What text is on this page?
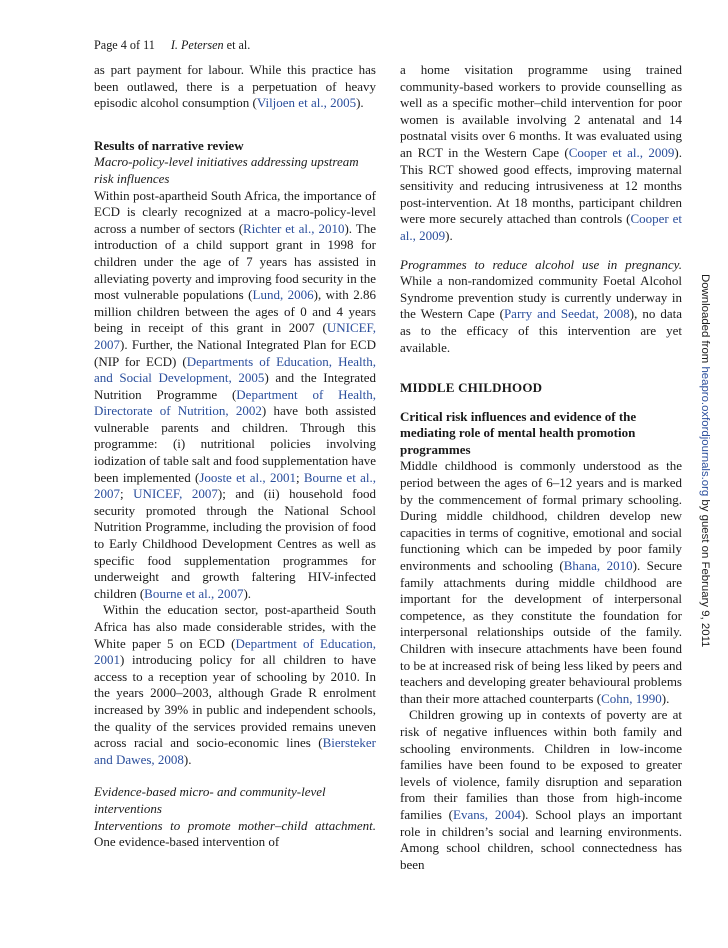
Page 4 of 11 I. Petersen et al.

as part payment for labour. While this practice has been outlawed, there is a perpetuation of heavy episodic alcohol consumption (Viljoen et al., 2005).

Results of narrative review
Macro-policy-level initiatives addressing upstream risk influences

Within post-apartheid South Africa, the importance of ECD is clearly recognized at a macro-policy-level across a number of sectors (Richter et al., 2010). The introduction of a child support grant in 1998 for children under the age of 7 years has assisted in alleviating poverty and improving food security in the most vulnerable populations (Lund, 2006), with 2.86 million children between the ages of 0 and 4 years being in receipt of this grant in 2007 (UNICEF, 2007). Further, the National Integrated Plan for ECD (NIP for ECD) (Departments of Education, Health, and Social Development, 2005) and the Integrated Nutrition Programme (Department of Health, Directorate of Nutrition, 2002) have both assisted vulnerable parents and children. Through this programme: (i) nutritional policies involving iodization of table salt and food supplementation have been implemented (Jooste et al., 2001; Bourne et al., 2007; UNICEF, 2007); and (ii) household food security promoted through the National School Nutrition Programme, including the provision of food to Early Childhood Development Centres as well as specific food supplementation programmes for underweight and growth faltering HIV-infected children (Bourne et al., 2007).

Within the education sector, post-apartheid South Africa has also made considerable strides, with the White paper 5 on ECD (Department of Education, 2001) introducing policy for all children to have access to a reception year of schooling by 2010. In the years 2000–2003, although Grade R enrolment increased by 39% in public and independent schools, the quality of the services provided remains uneven across racial and socio-economic lines (Biersteker and Dawes, 2008).

Evidence-based micro- and community-level interventions

Interventions to promote mother–child attachment. One evidence-based intervention of

a home visitation programme using trained community-based workers to provide counselling as well as a specific mother–child intervention for poor women is available involving 2 antenatal and 14 postnatal visits over 6 months. It was evaluated using an RCT in the Western Cape (Cooper et al., 2009). This RCT showed good effects, improving maternal sensitivity and reducing intrusiveness at 12 months post-intervention. At 18 months, participant children were more securely attached than controls (Cooper et al., 2009).

Programmes to reduce alcohol use in pregnancy. While a non-randomized community Foetal Alcohol Syndrome prevention study is currently underway in the Western Cape (Parry and Seedat, 2008), no data as to the efficacy of this intervention are yet available.

MIDDLE CHILDHOOD
Critical risk influences and evidence of the mediating role of mental health promotion programmes

Middle childhood is commonly understood as the period between the ages of 6–12 years and is marked by the commencement of formal primary schooling. During middle childhood, children develop new capacities in terms of cognitive, emotional and social functioning which can be impeded by poor family environments and schooling (Bhana, 2010). Secure family attachments during middle childhood are important for the development of interpersonal competence, as they constitute the foundation for interpersonal relationships outside of the family. Children with insecure attachments have been found to be at increased risk of being less liked by peers and teachers and developing greater behavioural problems than their more attached counterparts (Cohn, 1990).

Children growing up in contexts of poverty are at risk of negative influences within both family and schooling environments. Children in low-income families have been found to be exposed to greater levels of violence, family disruption and separation from their families than those from high-income families (Evans, 2004). School plays an important role in children’s social and learning environments. Among school children, school connectedness has been

Downloaded from heapro.oxfordjournals.org by guest on February 9, 2011
